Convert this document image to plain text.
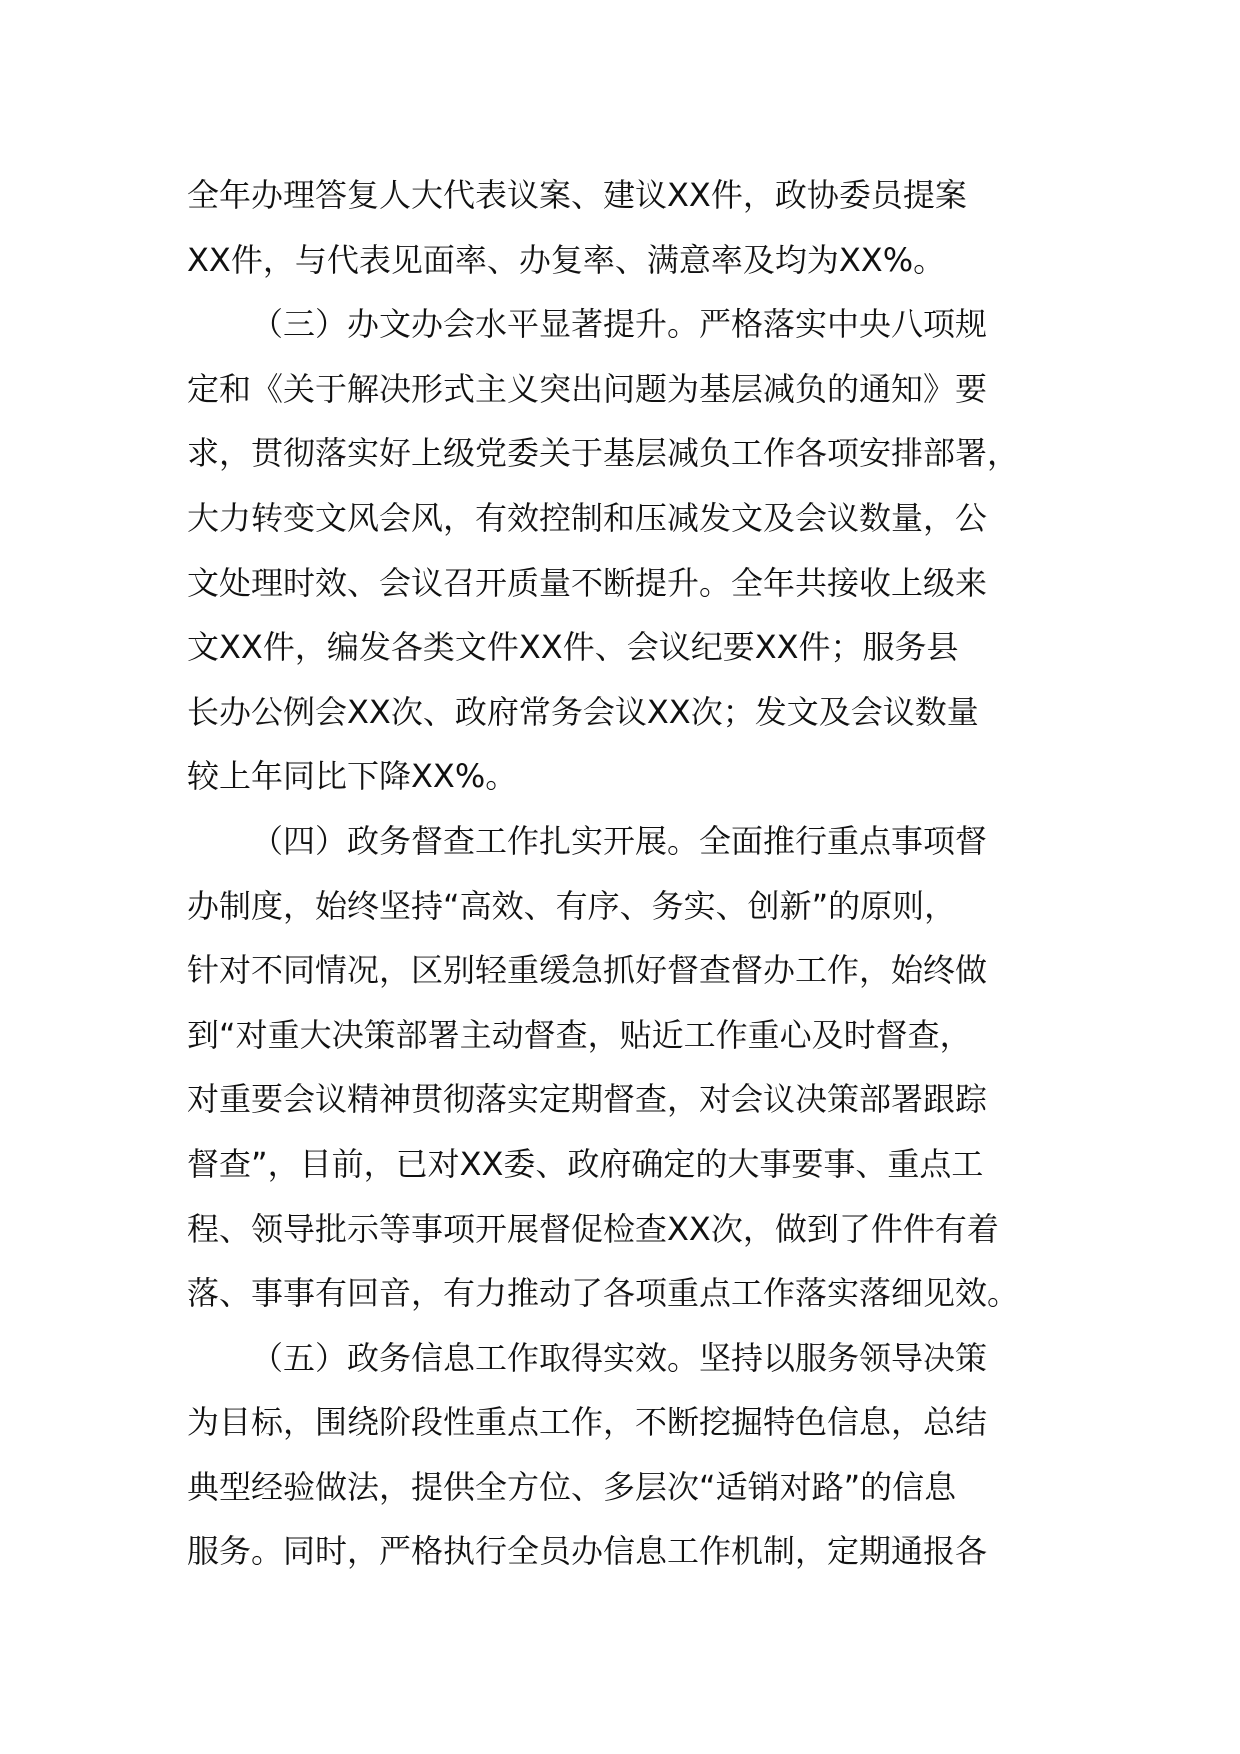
全年办理答复人大代表议案、建议XX件，政协委员提案
XX件，与代表见面率、办复率、满意率及均为XX%。
（三）办文办会水平显著提升。严格落实中央八项规
定和《关于解决形式主义突出问题为基层减负的通知》要
求，贯彻落实好上级党委关于基层减负工作各项安排部署，
大力转变文风会风，有效控制和压减发文及会议数量，公
文处理时效、会议召开质量不断提升。全年共接收上级来
文XX件，编发各类文件XX件、会议纪要XX件；服务县
长办公例会XX次、政府常务会议XX次；发文及会议数量
较上年同比下降XX%。
（四）政务督查工作扎实开展。全面推行重点事项督
办制度，始终坚持“高效、有序、务实、创新”的原则，
针对不同情况，区别轻重缓急抓好督查督办工作，始终做
到“对重大决策部署主动督查，贴近工作重心及时督查，
对重要会议精神贯彻落实定期督查，对会议决策部署跟踪
督查”，目前，已对XX委、政府确定的大事要事、重点工
程、领导批示等事项开展督促检查XX次，做到了件件有着
落、事事有回音，有力推动了各项重点工作落实落细见效。
（五）政务信息工作取得实效。坚持以服务领导决策
为目标，围绕阶段性重点工作，不断挖掘特色信息，总结
典型经验做法，提供全方位、多层次“适销对路”的信息
服务。同时，严格执行全员办信息工作机制，定期通报各
